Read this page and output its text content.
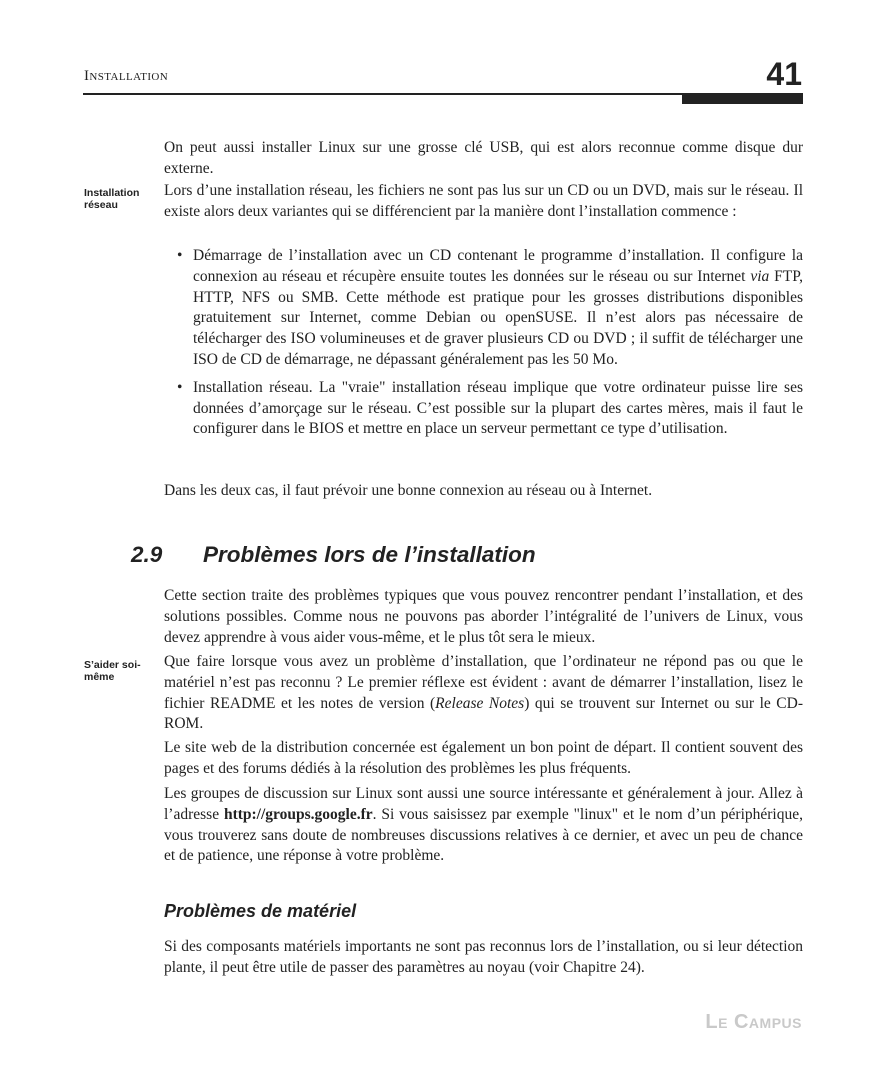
Installation	41

On peut aussi installer Linux sur une grosse clé USB, qui est alors reconnue comme disque dur externe.

Installation réseau

Lors d’une installation réseau, les fichiers ne sont pas lus sur un CD ou un DVD, mais sur le réseau. Il existe alors deux variantes qui se différencient par la manière dont l’installation commence :

• Démarrage de l’installation avec un CD contenant le programme d’installation. Il configure la connexion au réseau et récupère ensuite toutes les données sur le réseau ou sur Internet via FTP, HTTP, NFS ou SMB. Cette méthode est pratique pour les grosses distributions disponibles gratuitement sur Internet, comme Debian ou openSUSE. Il n’est alors pas nécessaire de télécharger des ISO volumineuses et de graver plusieurs CD ou DVD ; il suffit de télécharger une ISO de CD de démarrage, ne dépassant généralement pas les 50 Mo.

• Installation réseau. La "vraie" installation réseau implique que votre ordinateur puisse lire ses données d’amorçage sur le réseau. C’est possible sur la plupart des cartes mères, mais il faut le configurer dans le BIOS et mettre en place un serveur permettant ce type d’utilisation.

Dans les deux cas, il faut prévoir une bonne connexion au réseau ou à Internet.

2.9 Problèmes lors de l’installation

Cette section traite des problèmes typiques que vous pouvez rencontrer pendant l’installation, et des solutions possibles. Comme nous ne pouvons pas aborder l’intégralité de l’univers de Linux, vous devez apprendre à vous aider vous-même, et le plus tôt sera le mieux.

S’aider soi-même

Que faire lorsque vous avez un problème d’installation, que l’ordinateur ne répond pas ou que le matériel n’est pas reconnu ? Le premier réflexe est évident : avant de démarrer l’installation, lisez le fichier README et les notes de version (Release Notes) qui se trouvent sur Internet ou sur le CD-ROM.

Le site web de la distribution concernée est également un bon point de départ. Il contient souvent des pages et des forums dédiés à la résolution des problèmes les plus fréquents.

Les groupes de discussion sur Linux sont aussi une source intéressante et généralement à jour. Allez à l’adresse http://groups.google.fr. Si vous saisissez par exemple "linux" et le nom d’un périphérique, vous trouverez sans doute de nombreuses discussions relatives à ce dernier, et avec un peu de chance et de patience, une réponse à votre problème.

Problèmes de matériel

Si des composants matériels importants ne sont pas reconnus lors de l’installation, ou si leur détection plante, il peut être utile de passer des paramètres au noyau (voir Chapitre 24).

Le Campus
